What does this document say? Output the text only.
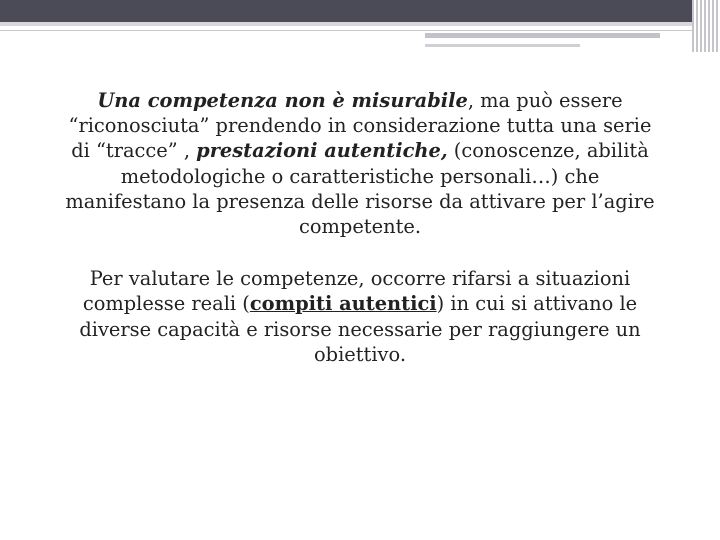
Una competenza non è misurabile, ma può essere “riconosciuta” prendendo in considerazione tutta una serie di “tracce” , prestazioni autentiche, (conoscenze, abilità metodologiche o caratteristiche personali…) che manifestano la presenza delle risorse da attivare per l’agire competente.

Per valutare le competenze, occorre rifarsi a situazioni complesse reali (compiti autentici) in cui si attivano le diverse capacità e risorse necessarie per raggiungere un obiettivo.
